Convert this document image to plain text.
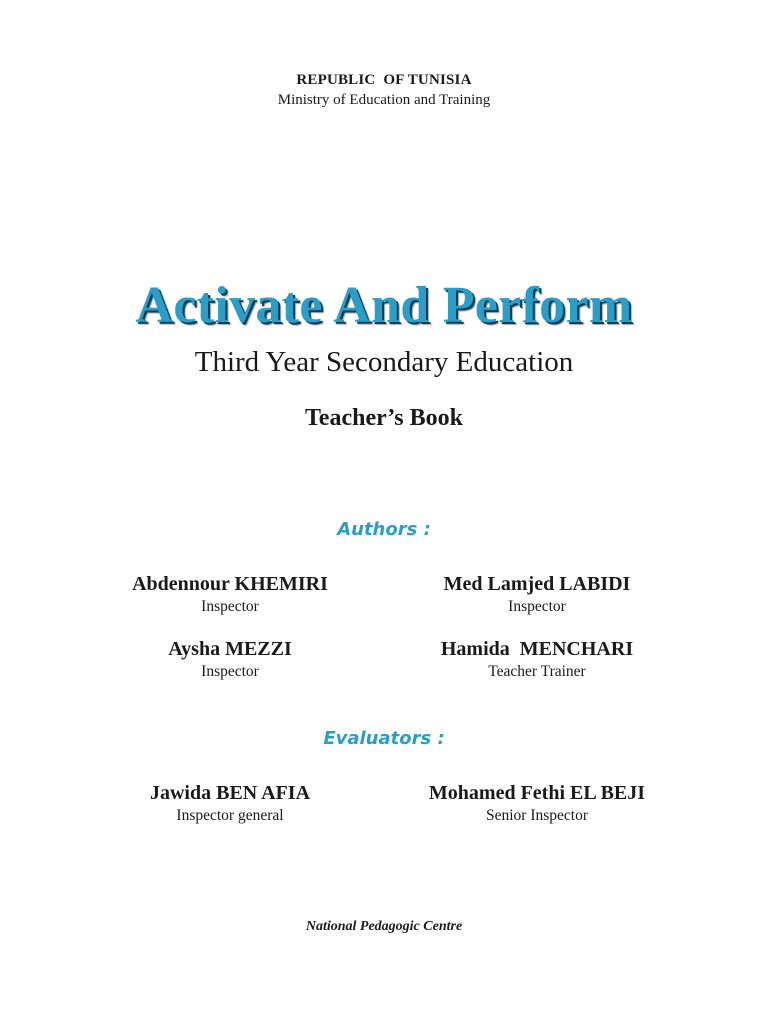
REPUBLIC  OF TUNISIA
Ministry of Education and Training
Activate And Perform
Third Year Secondary Education
Teacher’s Book
Authors :
Abdennour KHEMIRI
Inspector
Med Lamjed LABIDI
Inspector
Aysha MEZZI
Inspector
Hamida  MENCHARI
Teacher Trainer
Evaluators :
Jawida BEN AFIA
Inspector general
Mohamed Fethi EL BEJI
Senior Inspector
National Pedagogic Centre
